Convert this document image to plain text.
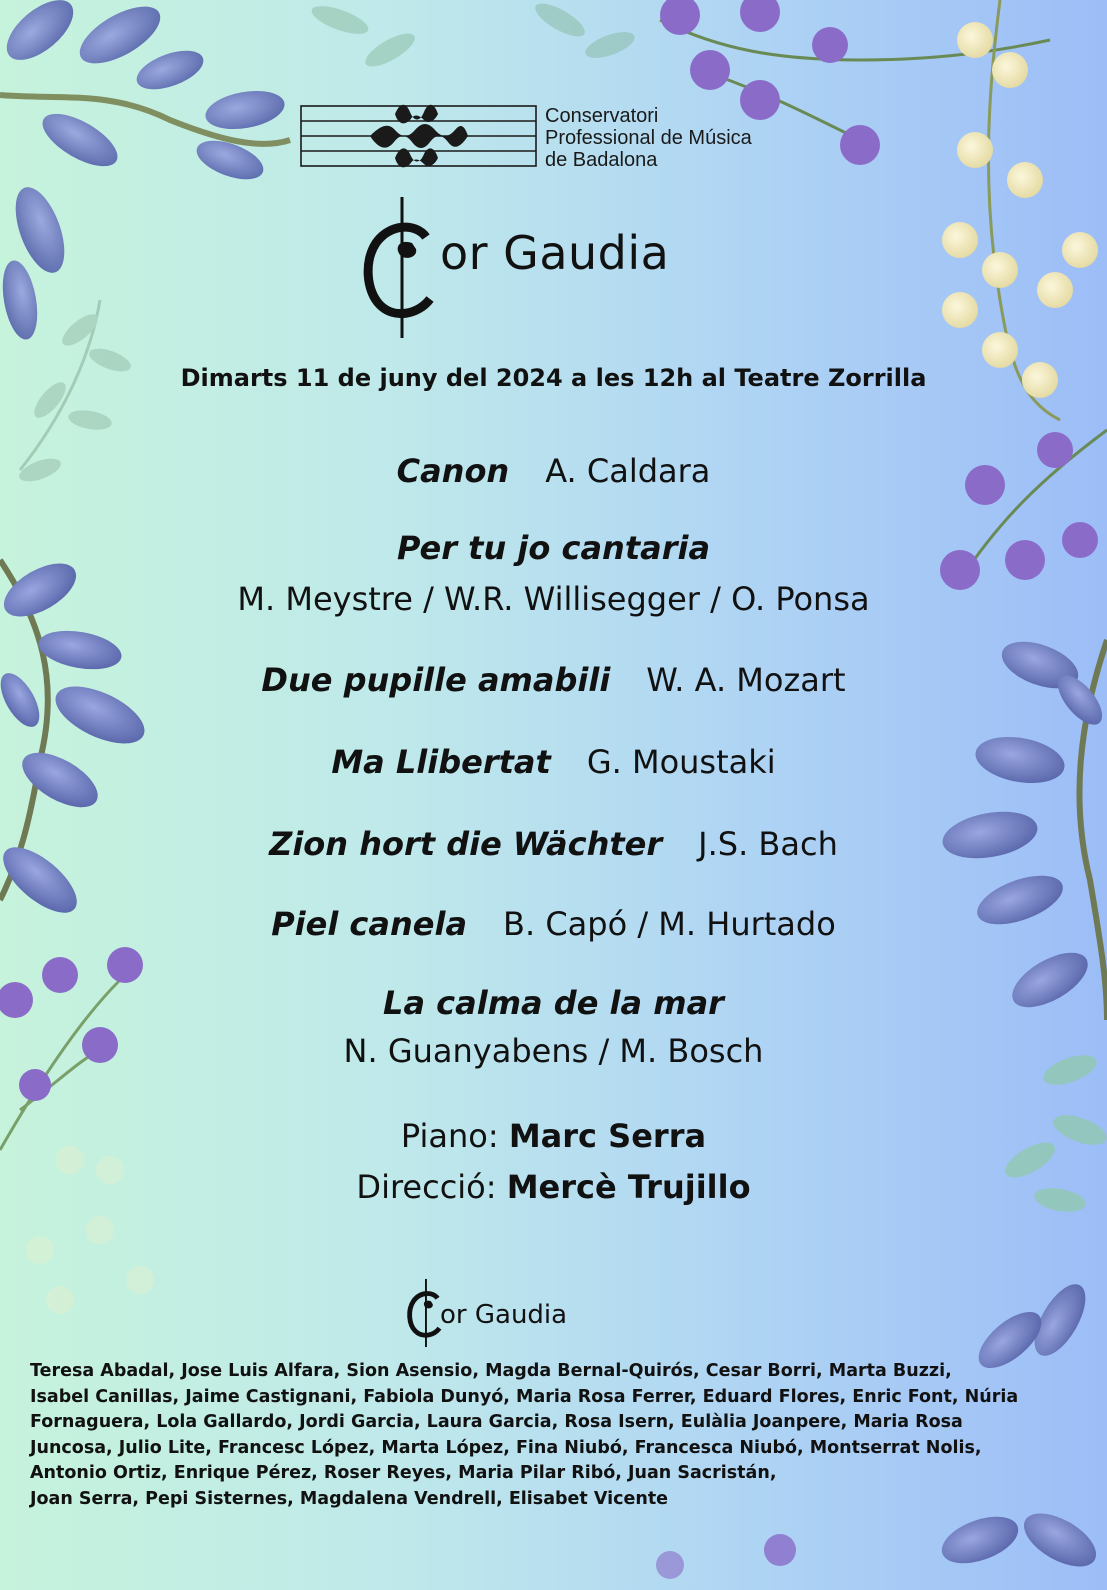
Conservatori
Professional de Música
de Badalona
or Gaudia
Dimarts 11 de juny del 2024 a les 12h al Teatre Zorrilla
Canon A. Caldara
Per tu jo cantaria
M. Meystre / W.R. Willisegger / O. Ponsa
Due pupille amabili W. A. Mozart
Ma Llibertat G. Moustaki
Zion hort die Wächter J.S. Bach
Piel canela B. Capó / M. Hurtado
La calma de la mar
N. Guanyabens / M. Bosch
Piano: Marc Serra
Direcció: Mercè Trujillo
or Gaudia
Teresa Abadal, Jose Luis Alfara, Sion Asensio, Magda Bernal-Quirós, Cesar Borri, Marta Buzzi,
Isabel Canillas, Jaime Castignani, Fabiola Dunyó, Maria Rosa Ferrer, Eduard Flores, Enric Font, Núria
Fornaguera, Lola Gallardo, Jordi Garcia, Laura Garcia, Rosa Isern, Eulàlia Joanpere, Maria Rosa
Juncosa, Julio Lite, Francesc López, Marta López, Fina Niubó, Francesca Niubó, Montserrat Nolis,
Antonio Ortiz, Enrique Pérez, Roser Reyes, Maria Pilar Ribó, Juan Sacristán,
Joan Serra, Pepi Sisternes, Magdalena Vendrell, Elisabet Vicente
